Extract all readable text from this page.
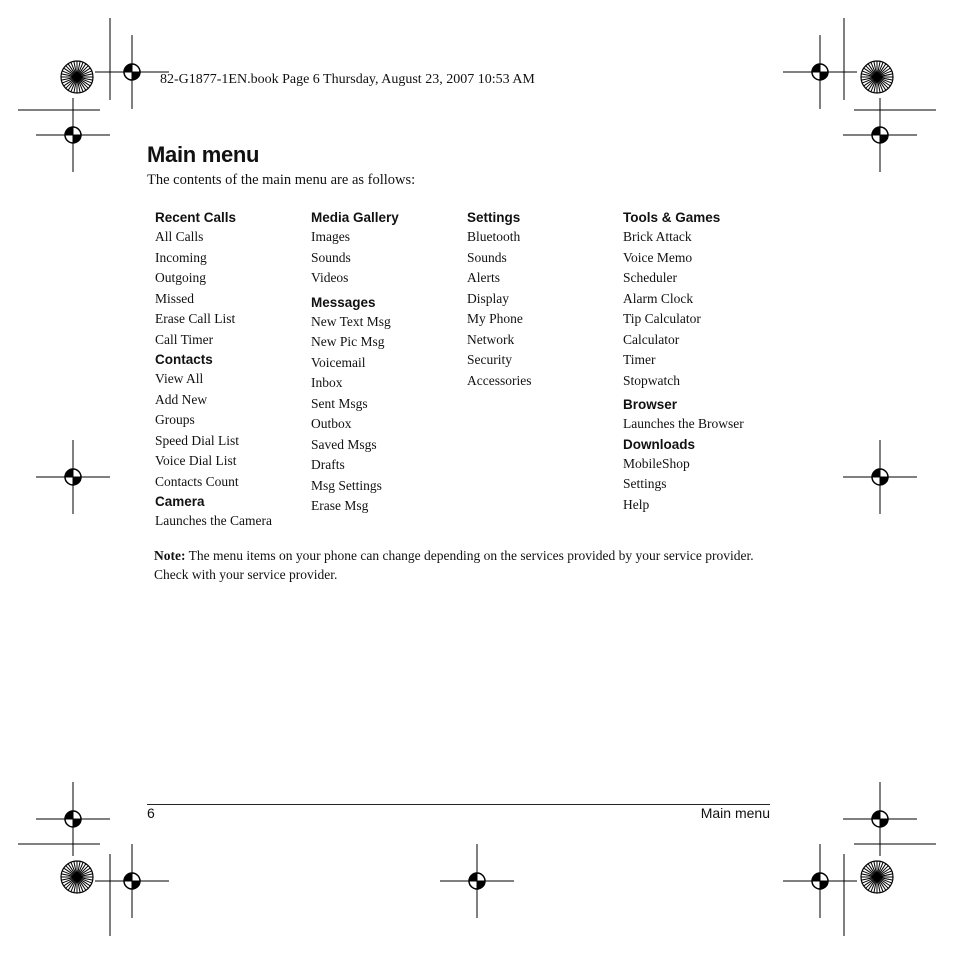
82-G1877-1EN.book Page 6 Thursday, August 23, 2007 10:53 AM
Main menu
The contents of the main menu are as follows:
Recent Calls
All Calls
Incoming
Outgoing
Missed
Erase Call List
Call Timer
Contacts
View All
Add New
Groups
Speed Dial List
Voice Dial List
Contacts Count
Camera
Launches the Camera
Media Gallery
Images
Sounds
Videos
Messages
New Text Msg
New Pic Msg
Voicemail
Inbox
Sent Msgs
Outbox
Saved Msgs
Drafts
Msg Settings
Erase Msg
Settings
Bluetooth
Sounds
Alerts
Display
My Phone
Network
Security
Accessories
Tools & Games
Brick Attack
Voice Memo
Scheduler
Alarm Clock
Tip Calculator
Calculator
Timer
Stopwatch
Browser
Launches the Browser
Downloads
MobileShop
Settings
Help
Note: The menu items on your phone can change depending on the services provided by your service provider. Check with your service provider.
6	Main menu
